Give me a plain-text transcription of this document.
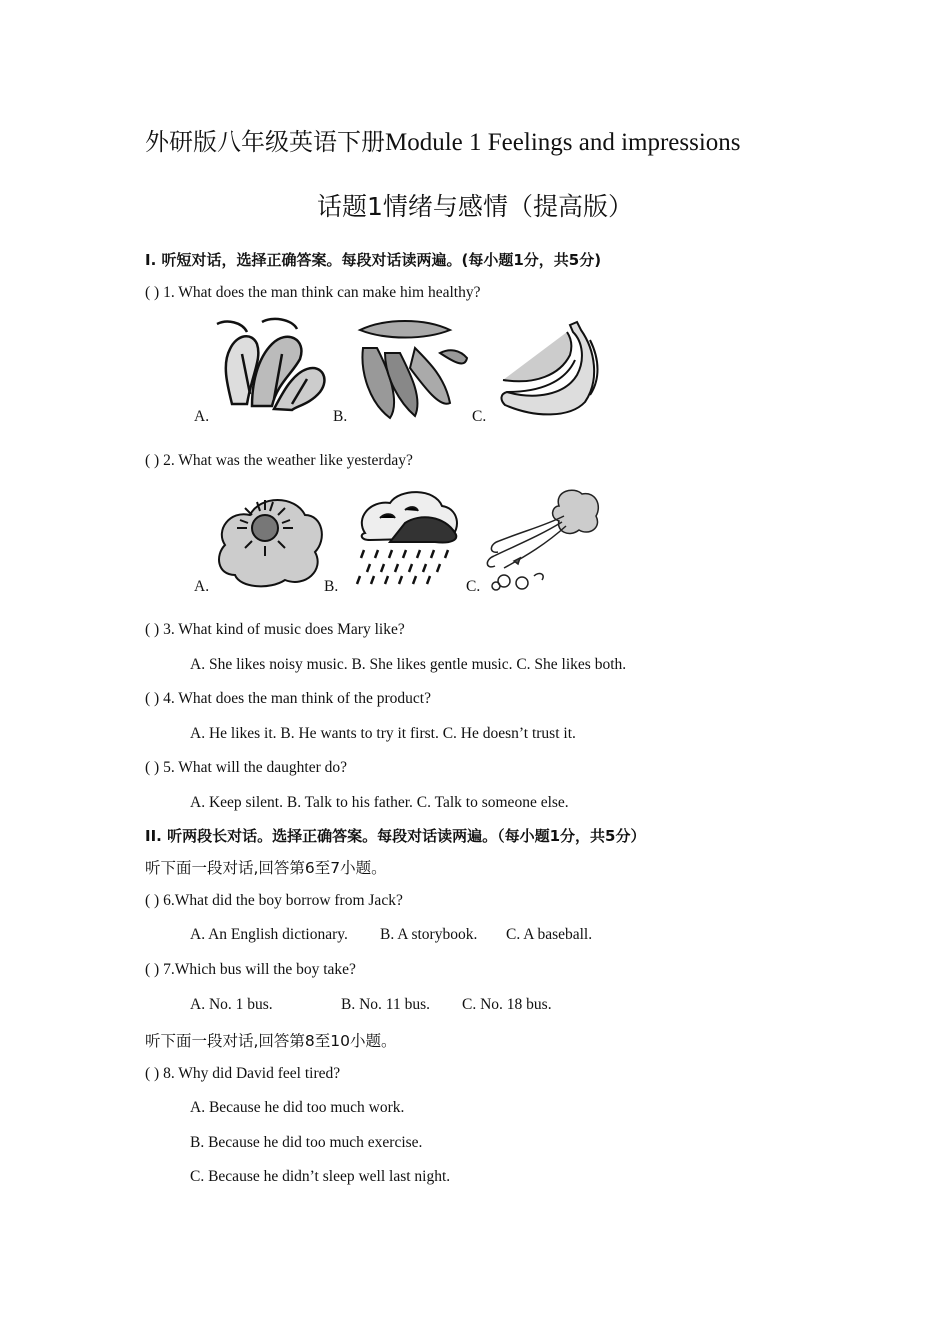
外研版八年级英语下册Module 1 Feelings and impressions
话题1情绪与感情（提高版）
I. 听短对话，选择正确答案。每段对话读两遍。(每小题1分，共5分)
( ) 1. What does the man think can make him healthy?
A.	B.	C.
( ) 2. What was the weather like yesterday?
A.	B.	C.
( ) 3. What kind of music does Mary like?
A. She likes noisy music. B. She likes gentle music. C. She likes both.
( ) 4. What does the man think of the product?
A. He likes it. B. He wants to try it first. C. He doesn’t trust it.
( ) 5. What will the daughter do?
A. Keep silent. B. Talk to his father. C. Talk to someone else.
II. 听两段长对话。选择正确答案。每段对话读两遍。（每小题1分，共5分）
听下面一段对话,回答第6至7小题。
( ) 6.What did the boy borrow from Jack?
A. An English dictionary. B. A storybook. C. A baseball.
( ) 7.Which bus will the boy take?
A. No. 1 bus.	B. No. 11 bus. C. No. 18 bus.
听下面一段对话,回答第8至10小题。
( ) 8. Why did David feel tired?
A. Because he did too much work.
B. Because he did too much exercise.
C. Because he didn’t sleep well last night.
